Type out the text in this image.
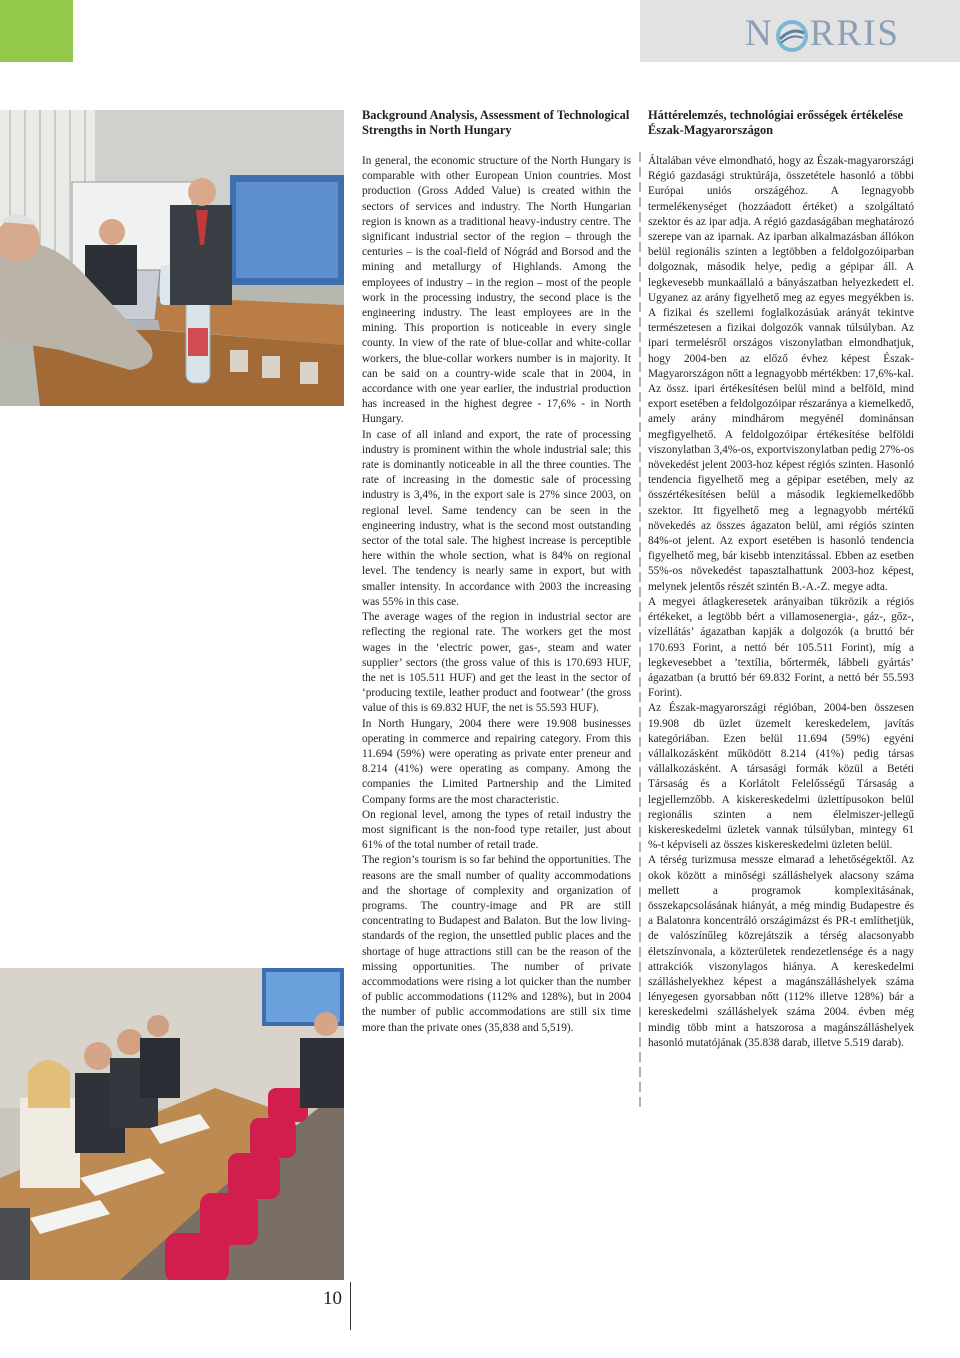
N RRIS
Background Analysis, Assessment of Technological
Strengths in North Hungary

In general, the economic structure of the North Hungary is comparable with other European Union countries. Most production (Gross Added Value) is created within the sectors of services and industry. The North Hungarian region is known as a traditional heavy-industry centre. The significant industrial sector of the region – through the centuries – is the coal-field of Nógrád and Borsod and the mining and metallurgy of Highlands. Among the employees of industry – in the region – most of the people work in the processing industry, the second place is the engineering industry. The least employees are in the mining. This proportion is noticeable in every single county. In view of the rate of blue-collar and white-collar workers, the blue-collar workers number is in majority. It can be said on a country-wide scale that in 2004, in accordance with one year earlier, the industrial production has increased in the highest degree - 17,6% - in North Hungary.

In case of all inland and export, the rate of processing industry is prominent within the whole industrial sale; this rate is dominantly noticeable in all the three counties. The rate of increasing in the domestic sale of processing industry is 3,4%, in the export sale is 27% since 2003, on regional level. Same tendency can be seen in the engineering industry, what is the second most outstanding sector of the total sale. The highest increase is perceptible here within the whole section, what is 84% on regional level. The tendency is nearly same in export, but with smaller intensity. In accordance with 2003 the increasing was 55% in this case.

The average wages of the region in industrial sector are reflecting the regional rate. The workers get the most wages in the ‘electric power, gas-, steam and water supplier’ sectors (the gross value of this is 170.693 HUF, the net is 105.511 HUF) and get the least in the sector of ‘producing textile, leather product and footwear’ (the gross value of this is 69.832 HUF, the net is 55.593 HUF).

In North Hungary, 2004 there were 19.908 businesses operating in commerce and repairing category. From this 11.694 (59%) were operating as private enter preneur and 8.214 (41%) were operating as company. Among the companies the Limited Partnership and the Limited Company forms are the most characteristic.

On regional level, among the types of retail industry the most significant is the non-food type retailer, just about 61% of the total number of retail trade.

The region’s tourism is so far behind the opportunities. The reasons are the small number of quality accommodations and the shortage of complexity and organization of programs. The country-image and PR are still concentrating to Budapest and Balaton. But the low living-standards of the region, the unsettled public places and the shortage of huge attractions still can be the reason of the missing opportunities. The number of private accommodations were rising a lot quicker than the number of public accommodations (112% and 128%), but in 2004 the number of public accommodations are still six time more than the private ones (35,838 and 5,519).

Háttérelemzés, technológiai erősségek értékelése
Észak-Magyarországon

Általában véve elmondható, hogy az Észak-magyarországi Régió gazdasági struktúrája, összetétele hasonló a többi Európai uniós országéhoz. A legnagyobb termelékenységet (hozzáadott értéket) a szolgáltató szektor és az ipar adja. A régió gazdaságában meghatározó szerepe van az iparnak. Az iparban alkalmazásban állókon belül regionális szinten a legtöbben a feldolgozóiparban dolgoznak, második helye, pedig a gépipar áll. A legkevesebb munkaállaló a bányászatban helyezkedett el. Ugyanez az arány figyelhető meg az egyes megyékben is. A fizikai és szellemi foglalkozásúak arányát tekintve természetesen a fizikai dolgozók vannak túlsúlyban. Az ipari termelésről országos viszonylatban elmondhatjuk, hogy 2004-ben az előző évhez képest Észak-Magyarországon nőtt a legnagyobb mértékben: 17,6%-kal.

Az össz. ipari értékesítésen belül mind a belföld, mind export esetében a feldolgozóipar részaránya a kiemelkedő, amely arány mindhárom megyénél dominánsan megfigyelhető. A feldolgozóipar értékesítése belföldi viszonylatban 3,4%-os, exportviszonylatban pedig 27%-os növekedést jelent 2003-hoz képest régiós szinten. Hasonló tendencia figyelhető meg a gépipar esetében, mely az összértékesítésen belül a második legkiemelkedőbb szektor. Itt figyelhető meg a legnagyobb mértékű növekedés az összes ágazaton belül, ami régiós szinten 84%-ot jelent. Az export esetében is hasonló tendencia figyelhető meg, bár kisebb intenzitással. Ebben az esetben 55%-os növekedést tapasztalhattunk 2003-hoz képest, melynek jelentős részét szintén B.-A.-Z. megye adta.

A megyei átlagkeresetek arányaiban tükrözik a régiós értékeket, a legtöbb bért a villamosenergia-, gáz-, gőz-, vízellátás’ ágazatban kapják a dolgozók (a bruttó bér 170.693 Forint, a nettó bér 105.511 Forint), míg a legkevesebbet a ’textília, bőrtermék, lábbeli gyártás’ ágazatban (a bruttó bér 69.832 Forint, a nettó bér 55.593 Forint).

Az Észak-magyarországi régióban, 2004-ben összesen 19.908 db üzlet üzemelt kereskedelem, javítás kategóriában. Ezen belül 11.694 (59%) egyéni vállalkozásként működött 8.214 (41%) pedig társas vállalkozásként. A társasági formák közül a Betéti Társaság és a Korlátolt Felelősségű Társaság a legjellemzőbb. A kiskereskedelmi üzlettípusokon belül regionális szinten a nem élelmiszer-jellegű kiskereskedelmi üzletek vannak túlsúlyban, mintegy 61 %-t képviseli az összes kiskereskedelmi üzleten belül.

A térség turizmusa messze elmarad a lehetőségektől. Az okok között a minőségi szálláshelyek alacsony száma mellett a programok komplexitásának, összekapcsolásának hiányát, a még mindig Budapestre és a Balatonra koncentráló országimázst és PR-t említhetjük, de valószínűleg közrejátszik a térség alacsonyabb életszínvonala, a közterületek rendezetlensége és a nagy attrakciók viszonylagos hiánya. A kereskedelmi szálláshelyekhez képest a magánszálláshelyek száma lényegesen gyorsabban nőtt (112% illetve 128%) bár a kereskedelmi szálláshelyek száma 2004. évben még mindig több mint a hatszorosa a magánszálláshelyek hasonló mutatójának (35.838 darab, illetve 5.519 darab).

10
